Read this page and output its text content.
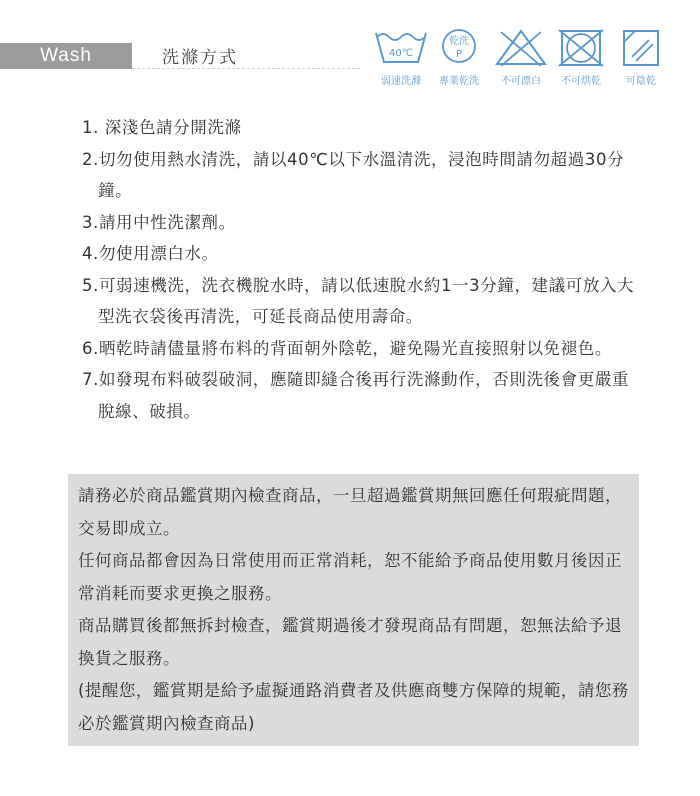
Wash	洗滌方式	40℃
弱速洗滌
乾洗
P
專業乾洗	不可漂白	不可烘乾	可陰乾
1. 深淺色請分開洗滌
2.切勿使用熱水清洗，請以40℃以下水溫清洗，浸泡時間請勿超過30分鐘。
3.請用中性洗潔劑。
4.勿使用漂白水。
5.可弱速機洗，洗衣機脫水時，請以低速脫水約1一3分鐘，建議可放入大型洗衣袋後再清洗，可延長商品使用壽命。
6.晒乾時請儘量將布料的背面朝外陰乾，避免陽光直接照射以免褪色。
7.如發現布料破裂破洞，應隨即縫合後再行洗滌動作，否則洗後會更嚴重脫線、破損。

請務必於商品鑑賞期內檢查商品，一旦超過鑑賞期無回應任何瑕疵問題，交易即成立。

任何商品都會因為日常使用而正常消耗，恕不能給予商品使用數月後因正常消耗而要求更換之服務。

商品購買後都無拆封檢查，鑑賞期過後才發現商品有問題，恕無法給予退換貨之服務。

(提醒您，鑑賞期是給予虛擬通路消費者及供應商雙方保障的規範，請您務必於鑑賞期內檢查商品)
